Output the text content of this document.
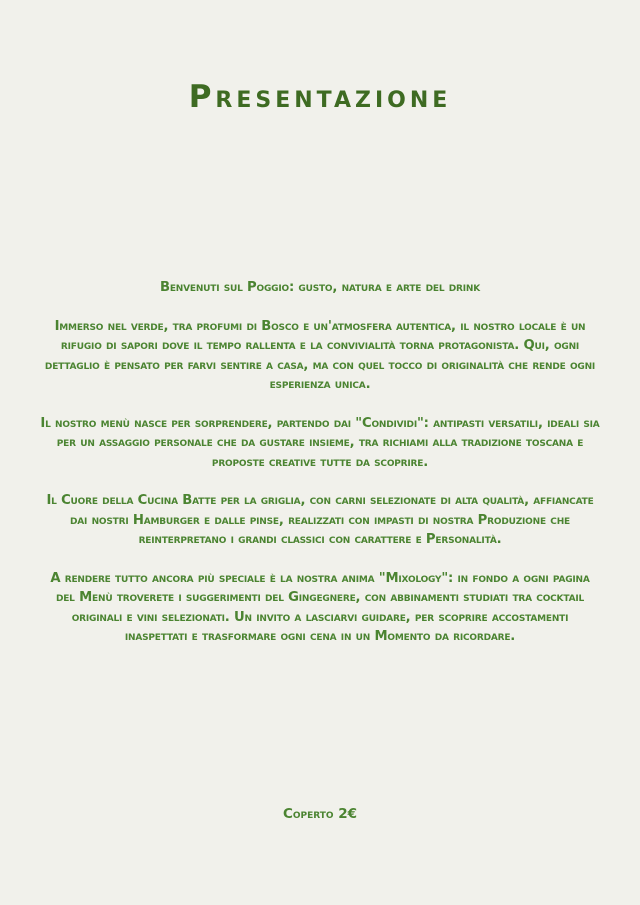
Presentazione

Benvenuti sul Poggio: gusto, natura e arte del drink

Immerso nel verde, tra profumi di Bosco e un'atmosfera autentica, il nostro locale è un rifugio di sapori dove il tempo rallenta e la convivialità torna protagonista. Qui, ogni dettaglio è pensato per farvi sentire a casa, ma con quel tocco di originalità che rende ogni esperienza unica.

Il nostro menù nasce per sorprendere, partendo dai "Condividi": antipasti versatili, ideali sia per un assaggio personale che da gustare insieme, tra richiami alla tradizione toscana e proposte creative tutte da scoprire.

Il Cuore della Cucina Batte per la griglia, con carni selezionate di alta qualità, affiancate dai nostri Hamburger e dalle pinse, realizzati con impasti di nostra Produzione che reinterpretano i grandi classici con carattere e Personalità.

A rendere tutto ancora più speciale è la nostra anima "Mixology": in fondo a ogni pagina del Menù troverete i suggerimenti del Gingegnere, con abbinamenti studiati tra cocktail originali e vini selezionati. Un invito a lasciarvi guidare, per scoprire accostamenti inaspettati e trasformare ogni cena in un Momento da ricordare.

Coperto 2€
